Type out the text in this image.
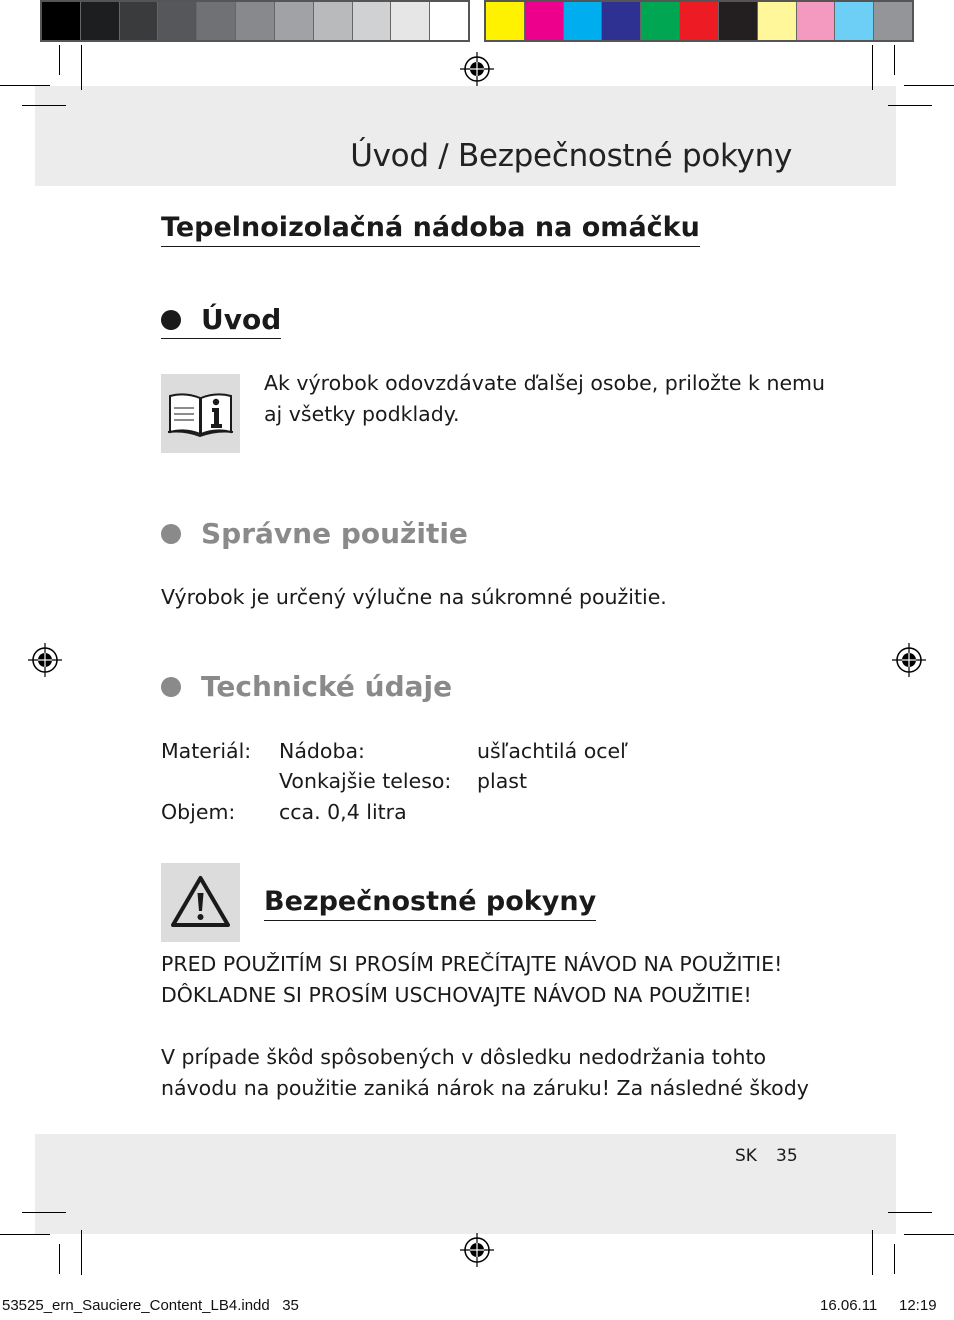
Úvod / Bezpečnostné pokyny
SK 35
Tepelnoizolačná nádoba na omáčku
Úvod
Ak výrobok odovzdávate ďalšej osobe, priložte k nemu
aj všetky podklady.
Správne použitie
Výrobok je určený výlučne na súkromné použitie.
Technické údaje
Materiál: Nádoba:	ušľachtilá oceľ
Vonkajšie teleso: plast
Objem: cca. 0,4 litra
Bezpečnostné pokyny
PRED POUŽITÍM SI PROSÍM PREČÍTAJTE NÁVOD NA POUŽITIE!
DÔKLADNE SI PROSÍM USCHOVAJTE NÁVOD NA POUŽITIE!
V prípade škôd spôsobených v dôsledku nedodržania tohto
návodu na použitie zaniká nárok na záruku! Za následné škody
53525_ern_Sauciere_Content_LB4.indd   35	16.06.11 12:19
